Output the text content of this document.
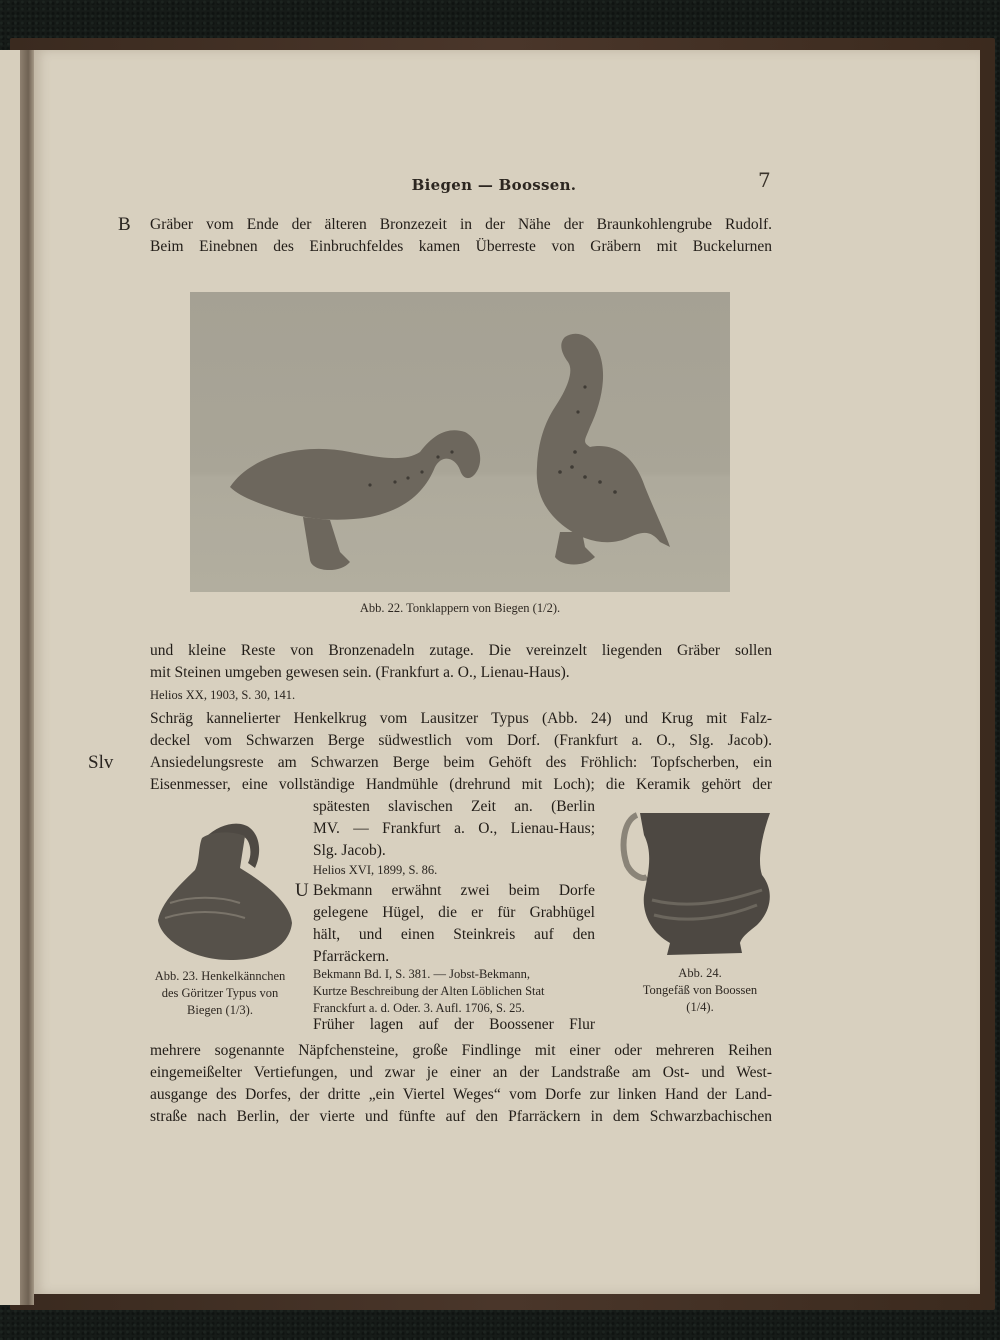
Biegen — Boossen.	7
B Gräber vom Ende der älteren Bronzezeit in der Nähe der Braunkohlengrube Rudolf.
Beim Einebnen des Einbruchfeldes kamen Überreste von Gräbern mit Buckelurnen
Abb. 22. Tonklappern von Biegen (1/2).
und kleine Reste von Bronzenadeln zutage. Die vereinzelt liegenden Gräber sollen
mit Steinen umgeben gewesen sein. (Frankfurt a. O., Lienau-Haus).
Helios XX, 1903, S. 30, 141.
Schräg kannelierter Henkelkrug vom Lausitzer Typus (Abb. 24) und Krug mit Falz-
deckel vom Schwarzen Berge südwestlich vom Dorf. (Frankfurt a. O., Slg. Jacob).
Slv Ansiedelungsreste am Schwarzen Berge beim Gehöft des Fröhlich: Topfscherben, ein
Eisenmesser, eine vollständige Handmühle (drehrund mit Loch); die Keramik gehört der
spätesten slavischen Zeit an. (Berlin
MV. — Frankfurt a. O., Lienau-Haus;
Slg. Jacob).
Helios XVI, 1899, S. 86.
U Bekmann erwähnt zwei beim Dorfe
gelegene Hügel, die er für Grabhügel
hält, und einen Steinkreis auf den
Pfarräckern.
Bekmann Bd. I, S. 381. — Jobst-Bekmann,
Kurtze Beschreibung der Alten Löblichen Stat
Franckfurt a. d. Oder. 3. Aufl. 1706, S. 25.
Abb. 23. Henkelkännchen
des Göritzer Typus von
Biegen (1/3).
Abb. 24.
Tongefäß von Boossen
(1/4).
Früher lagen auf der Boossener Flur
mehrere sogenannte Näpfchensteine, große Findlinge mit einer oder mehreren Reihen
eingemeißelter Vertiefungen, und zwar je einer an der Landstraße am Ost- und West-
ausgange des Dorfes, der dritte „ein Viertel Weges“ vom Dorfe zur linken Hand der Land-
straße nach Berlin, der vierte und fünfte auf den Pfarräckern in dem Schwarzbachischen
